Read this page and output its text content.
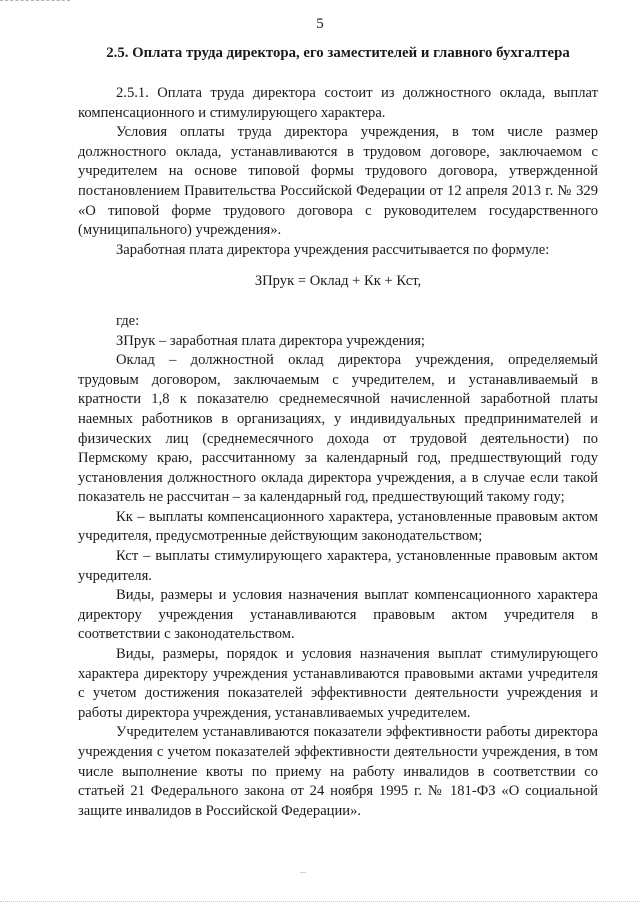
5
2.5. Оплата труда директора, его заместителей и главного бухгалтера

2.5.1. Оплата труда директора состоит из должностного оклада, выплат компенсационного и стимулирующего характера.

Условия оплаты труда директора учреждения, в том числе размер должностного оклада, устанавливаются в трудовом договоре, заключаемом с учредителем на основе типовой формы трудового договора, утвержденной постановлением Правительства Российской Федерации от 12 апреля 2013 г. № 329 «О типовой форме трудового договора с руководителем государственного (муниципального) учреждения».

Заработная плата директора учреждения рассчитывается по формуле:

ЗПрук = Оклад + Кк + Кст,

где:

ЗПрук – заработная плата директора учреждения;

Оклад – должностной оклад директора учреждения, определяемый трудовым договором, заключаемым с учредителем, и устанавливаемый в кратности 1,8 к показателю среднемесячной начисленной заработной платы наемных работников в организациях, у индивидуальных предпринимателей и физических лиц (среднемесячного дохода от трудовой деятельности) по Пермскому краю, рассчитанному за календарный год, предшествующий году установления должностного оклада директора учреждения, а в случае если такой показатель не рассчитан – за календарный год, предшествующий такому году;

Кк – выплаты компенсационного характера, установленные правовым актом учредителя, предусмотренные действующим законодательством;

Кст – выплаты стимулирующего характера, установленные правовым актом учредителя.

Виды, размеры и условия назначения выплат компенсационного характера директору учреждения устанавливаются правовым актом учредителя в соответствии с законодательством.

Виды, размеры, порядок и условия назначения выплат стимулирующего характера директору учреждения устанавливаются правовыми актами учредителя с учетом достижения показателей эффективности деятельности учреждения и работы директора учреждения, устанавливаемых учредителем.

Учредителем устанавливаются показатели эффективности работы директора учреждения с учетом показателей эффективности деятельности учреждения, в том числе выполнение квоты по приему на работу инвалидов в соответствии со статьей 21 Федерального закона от 24 ноября 1995 г. № 181-ФЗ «О социальной защите инвалидов в Российской Федерации».
